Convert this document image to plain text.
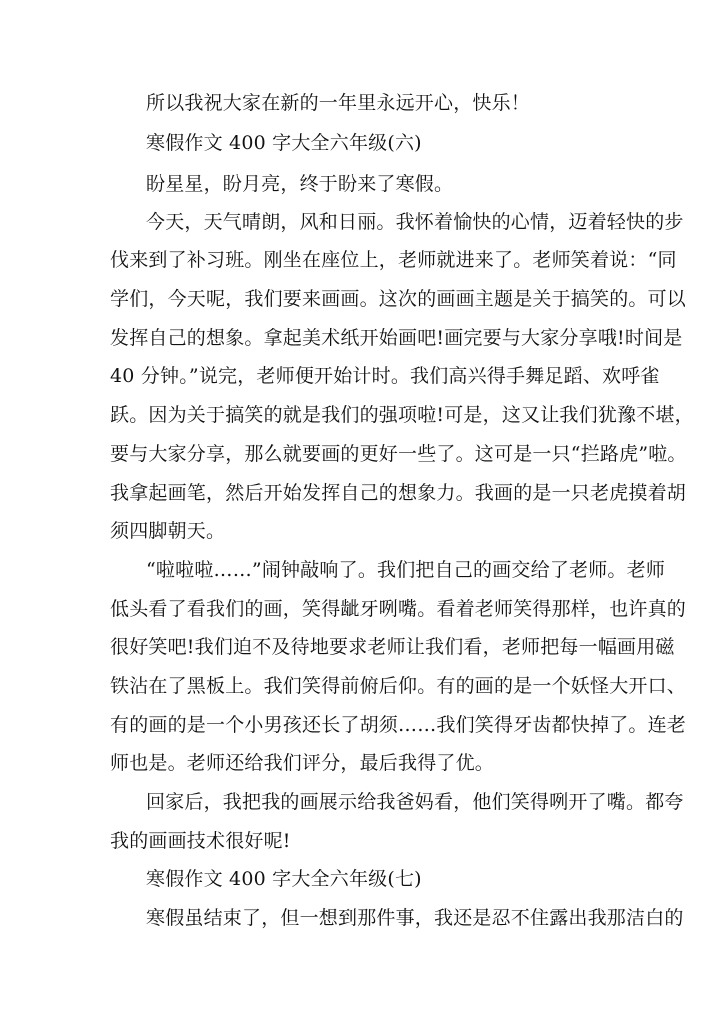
所以我祝大家在新的一年里永远开心，快乐！
寒假作文 400 字大全六年级(六)
盼星星，盼月亮，终于盼来了寒假。
今天，天气晴朗，风和日丽。我怀着愉快的心情，迈着轻快的步
伐来到了补习班。刚坐在座位上，老师就进来了。老师笑着说：“同
学们，今天呢，我们要来画画。这次的画画主题是关于搞笑的。可以
发挥自己的想象。拿起美术纸开始画吧!画完要与大家分享哦!时间是
40 分钟。”说完，老师便开始计时。我们高兴得手舞足蹈、欢呼雀
跃。因为关于搞笑的就是我们的强项啦!可是，这又让我们犹豫不堪，
要与大家分享，那么就要画的更好一些了。这可是一只“拦路虎”啦。
我拿起画笔，然后开始发挥自己的想象力。我画的是一只老虎摸着胡
须四脚朝天。
“啦啦啦……”闹钟敲响了。我们把自己的画交给了老师。老师
低头看了看我们的画，笑得龇牙咧嘴。看着老师笑得那样，也许真的
很好笑吧!我们迫不及待地要求老师让我们看，老师把每一幅画用磁
铁沾在了黑板上。我们笑得前俯后仰。有的画的是一个妖怪大开口、
有的画的是一个小男孩还长了胡须……我们笑得牙齿都快掉了。连老
师也是。老师还给我们评分，最后我得了优。
回家后，我把我的画展示给我爸妈看，他们笑得咧开了嘴。都夸
我的画画技术很好呢!
寒假作文 400 字大全六年级(七)
寒假虽结束了，但一想到那件事，我还是忍不住露出我那洁白的
